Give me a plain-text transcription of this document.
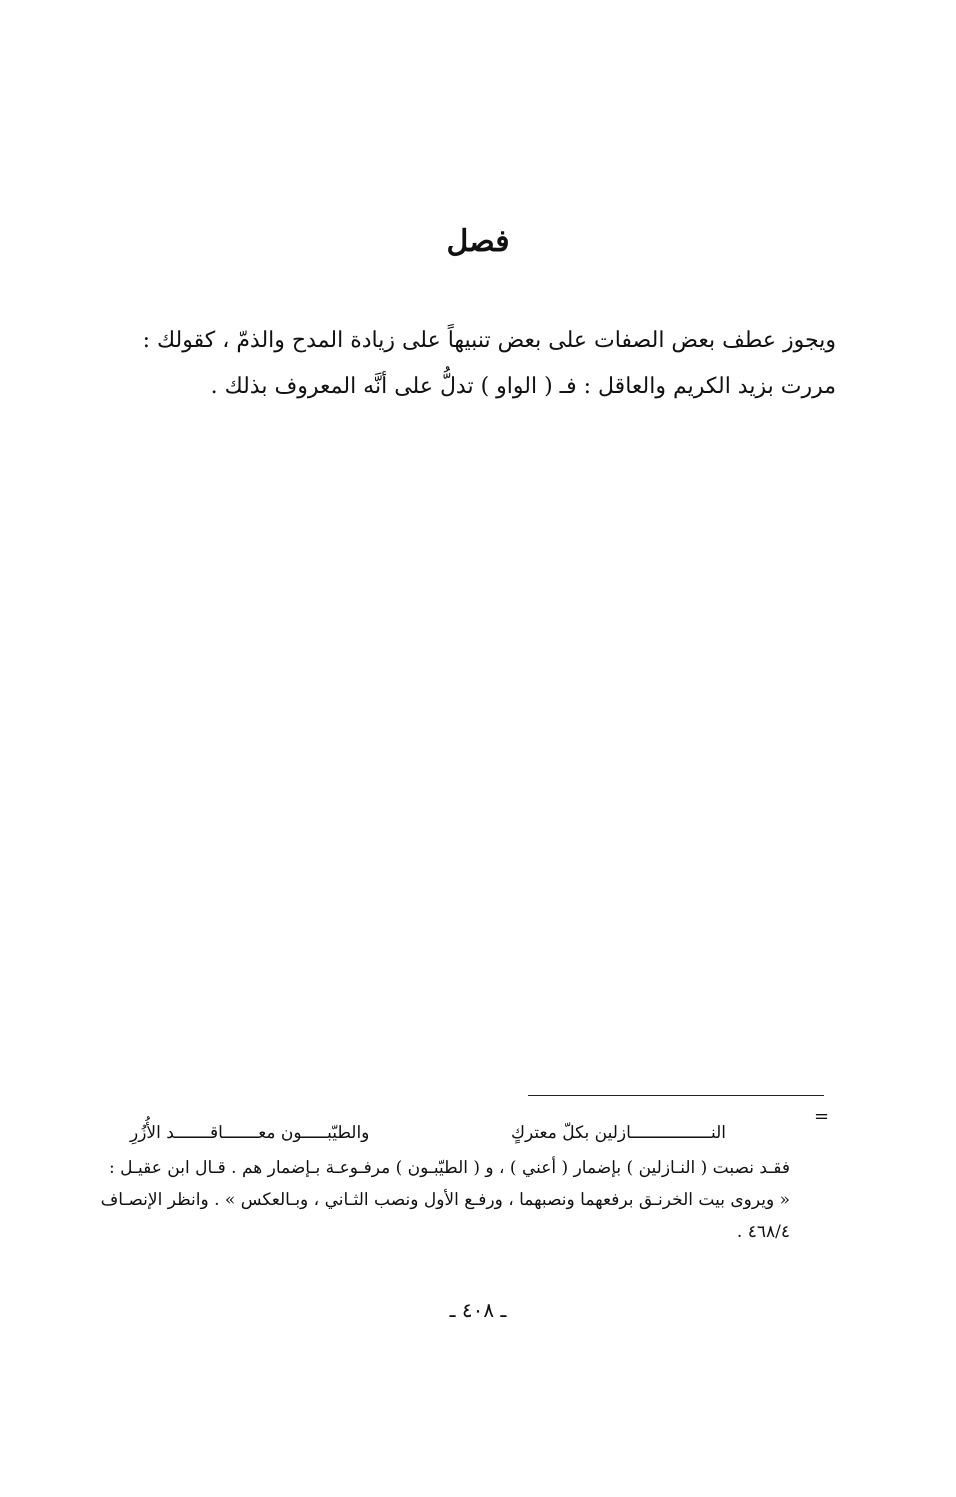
فصل
ويجوز عطف بعض الصفات على بعض تنبيهاً على زيادة المدح والذمّ ، كقولك :
مررت بزيد الكريم والعاقل : فـ ( الواو ) تدلُّ على أنَّه المعروف بذلك .
=
النــــــــــــــــازلين بكلّ معتركٍ
والطيّبـــــون معـــــــاقـــــــد الأُزُرِ
فقـد نصبت ( النـازلين ) بإضمار ( أعني ) ، و ( الطيّبـون ) مرفـوعـة بـإضمار هم . قـال ابن عقيـل :
« ويروى بيت الخرنـق برفعهما ونصبهما ، ورفـع الأول ونصب الثـاني ، وبـالعكس » . وانظر الإنصـاف
٤٦٨/٤ .
ـ ٤٠٨ ـ
